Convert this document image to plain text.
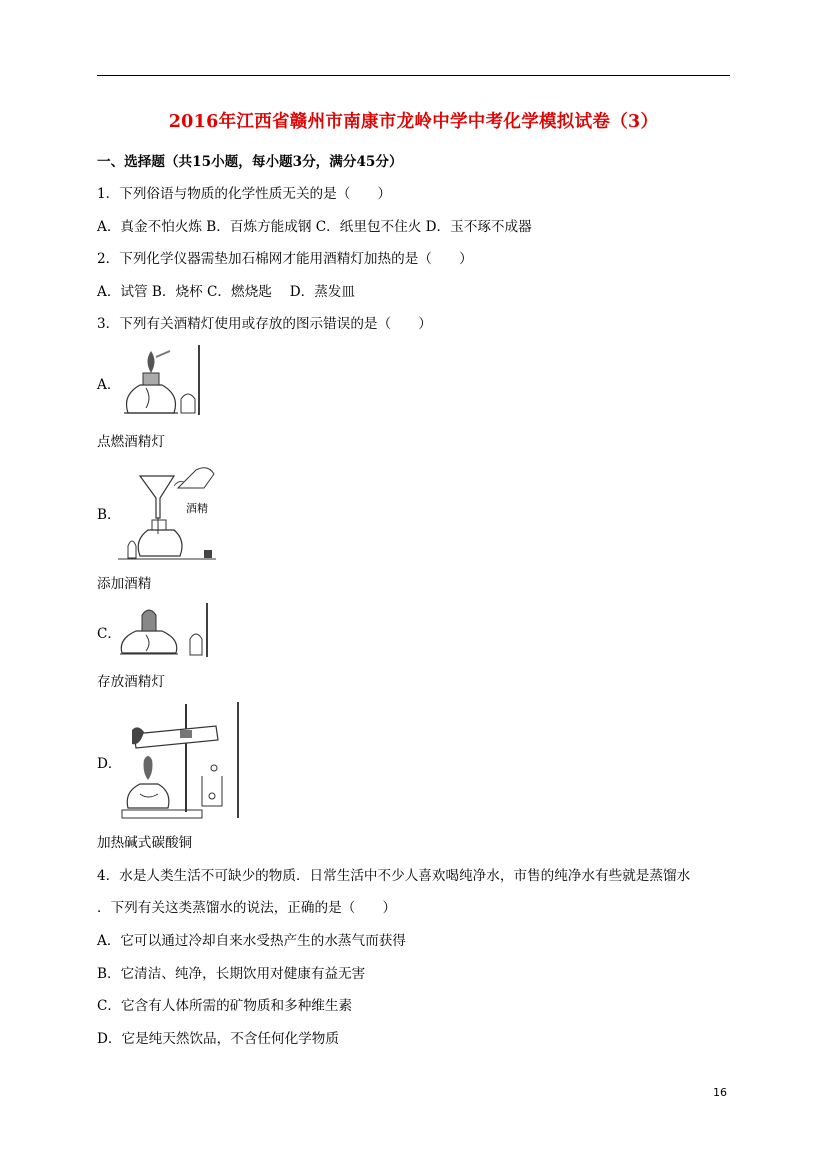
2016年江西省赣州市南康市龙岭中学中考化学模拟试卷（3）
一、选择题（共15小题，每小题3分，满分45分）
1．下列俗语与物质的化学性质无关的是（　　）
A．真金不怕火炼 B．百炼方能成钢 C．纸里包不住火 D．玉不琢不成器
2．下列化学仪器需垫加石棉网才能用酒精灯加热的是（　　）
A．试管 B．烧杯 C．燃烧匙　 D．蒸发皿
3．下列有关酒精灯使用或存放的图示错误的是（　　）
A．
点燃酒精灯
B．	酒精
添加酒精
C．
存放酒精灯
D．
加热碱式碳酸铜
4．水是人类生活不可缺少的物质．日常生活中不少人喜欢喝纯净水，市售的纯净水有些就是蒸馏水
．下列有关这类蒸馏水的说法，正确的是（　　）
A．它可以通过冷却自来水受热产生的水蒸气而获得
B．它清洁、纯净，长期饮用对健康有益无害
C．它含有人体所需的矿物质和多种维生素
D．它是纯天然饮品，不含任何化学物质
16
